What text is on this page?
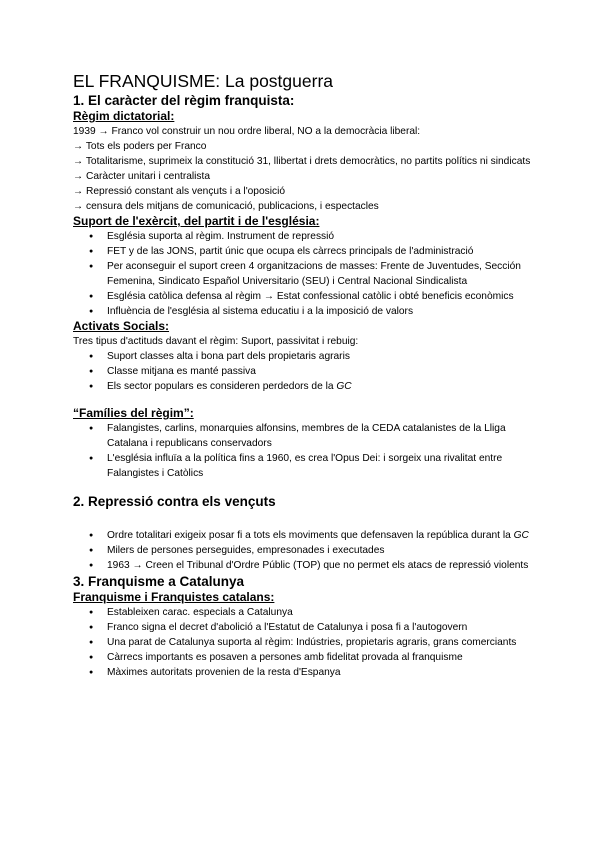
EL FRANQUISME: La postguerra
1. El caràcter del règim franquista:
Règim dictatorial:

1939 → Franco vol construir un nou ordre liberal, NO a la democràcia liberal:

→ Tots els poders per Franco

→ Totalitarisme, suprimeix la constitució 31, llibertat i drets democràtics, no partits polítics ni sindicats

→ Caràcter unitari i centralista

→ Repressió constant als vençuts i a l'oposició

→ censura dels mitjans de comunicació, publicacions, i espectacles

Suport de l'exèrcit, del partit i de l'església:
● Església suporta al règim. Instrument de repressió
● FET y de las JONS, partit únic que ocupa els càrrecs principals de l'administració
● Per aconseguir el suport creen 4 organitzacions de masses: Frente de Juventudes, Sección Femenina, Sindicato Español Universitario (SEU) i Central Nacional Sindicalista
● Església catòlica defensa al règim → Estat confessional catòlic i obté beneficis econòmics
● Influència de l'església al sistema educatiu i a la imposició de valors
Activats Socials:

Tres tipus d'actituds davant el règim: Suport, passivitat i rebuig:

● Suport classes alta i bona part dels propietaris agraris
● Classe mitjana es manté passiva
● Els sector populars es consideren perdedors de la GC
“Famílies del règim”:
● Falangistes, carlins, monarquies alfonsins, membres de la CEDA catalanistes de la Lliga Catalana i republicans conservadors
● L'església influïa a la política fins a 1960, es crea l'Opus Dei: i sorgeix una rivalitat entre Falangistes i Catòlics
2. Repressió contra els vençuts
● Ordre totalitari exigeix posar fi a tots els moviments que defensaven la república durant la GC
● Milers de persones perseguides, empresonades i executades
● 1963 → Creen el Tribunal d'Ordre Públic (TOP) que no permet els atacs de repressió violents
3. Franquisme a Catalunya
Franquisme i Franquistes catalans:
● Estableixen carac. especials a Catalunya
● Franco signa el decret d'abolició a l'Estatut de Catalunya i posa fi a l'autogovern
● Una parat de Catalunya suporta al règim: Indústries, propietaris agraris, grans comerciants
● Càrrecs importants es posaven a persones amb fidelitat provada al franquisme
● Màximes autoritats provenien de la resta d'Espanya
